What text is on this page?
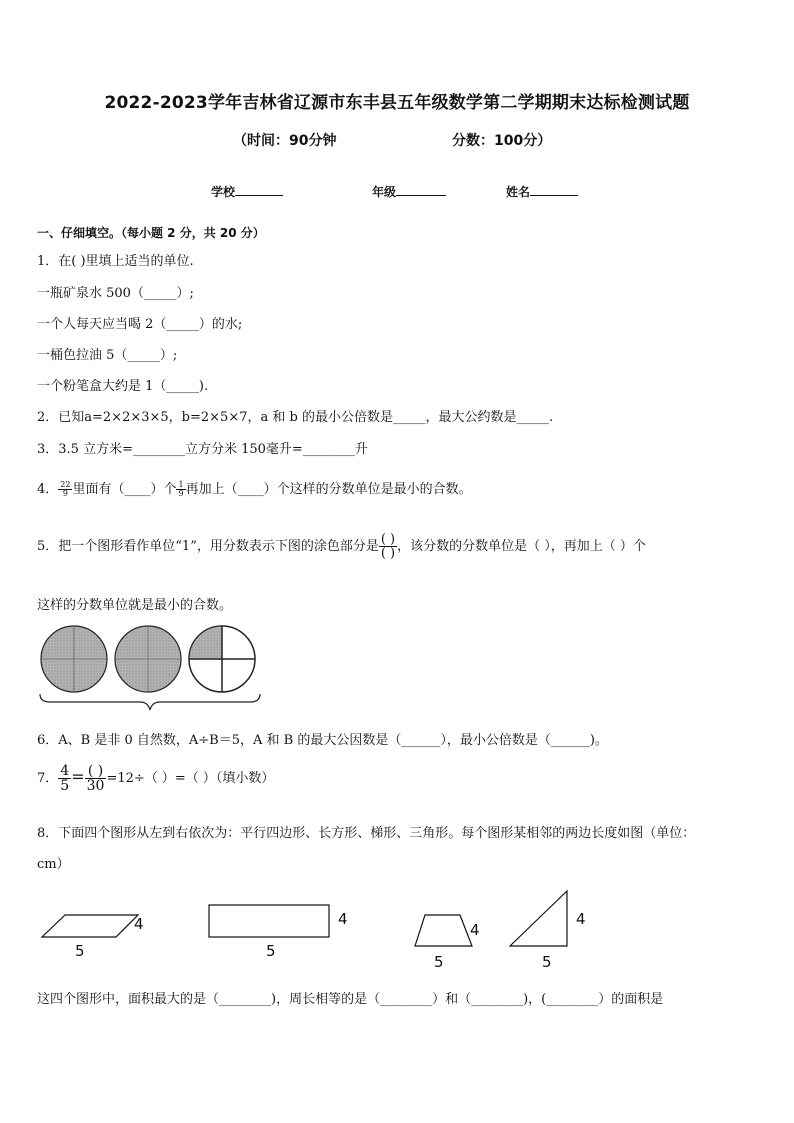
2022-2023学年吉林省辽源市东丰县五年级数学第二学期期末达标检测试题
（时间：90分钟	分数：100分）
学校	年级	姓名
一、仔细填空。（每小题 2 分，共 20 分）
1．在( )里填上适当的单位.
一瓶矿泉水 500（_____）;
一个人每天应当喝 2（_____）的水;
一桶色拉油 5（_____）;
一个粉笔盒大约是 1（_____).
2．已知a=2×2×3×5，b=2×5×7，a 和 b 的最小公倍数是_____，最大公约数是_____.
3．3.5 立方米=________立方分米 150毫升=________升
4． $\frac{22}{9}$ 里面有（____）个 $\frac{1}{9}$ 再加上（____）个这样的分数单位是最小的合数。
5．把一个图形看作单位“1”，用分数表示下图的涂色部分是 $\frac{( )}{( )}$ ，该分数的分数单位是（ ），再加上（ ）个
这样的分数单位就是最小的合数。
6．A、B 是非 0 自然数，A÷B＝5，A 和 B 的最大公因数是（______），最小公倍数是（______)。
7． $\frac{4}{5} = \frac{( )}{30} =12\div$（ ）=（ ）（填小数）
8．下面四个图形从左到右依次为：平行四边形、长方形、梯形、三角形。每个图形某相邻的两边长度如图（单位：
cm）
4
5
4
5
4
5
4
5
这四个图形中，面积最大的是（________)，周长相等的是（________）和（________)，(________）的面积是
